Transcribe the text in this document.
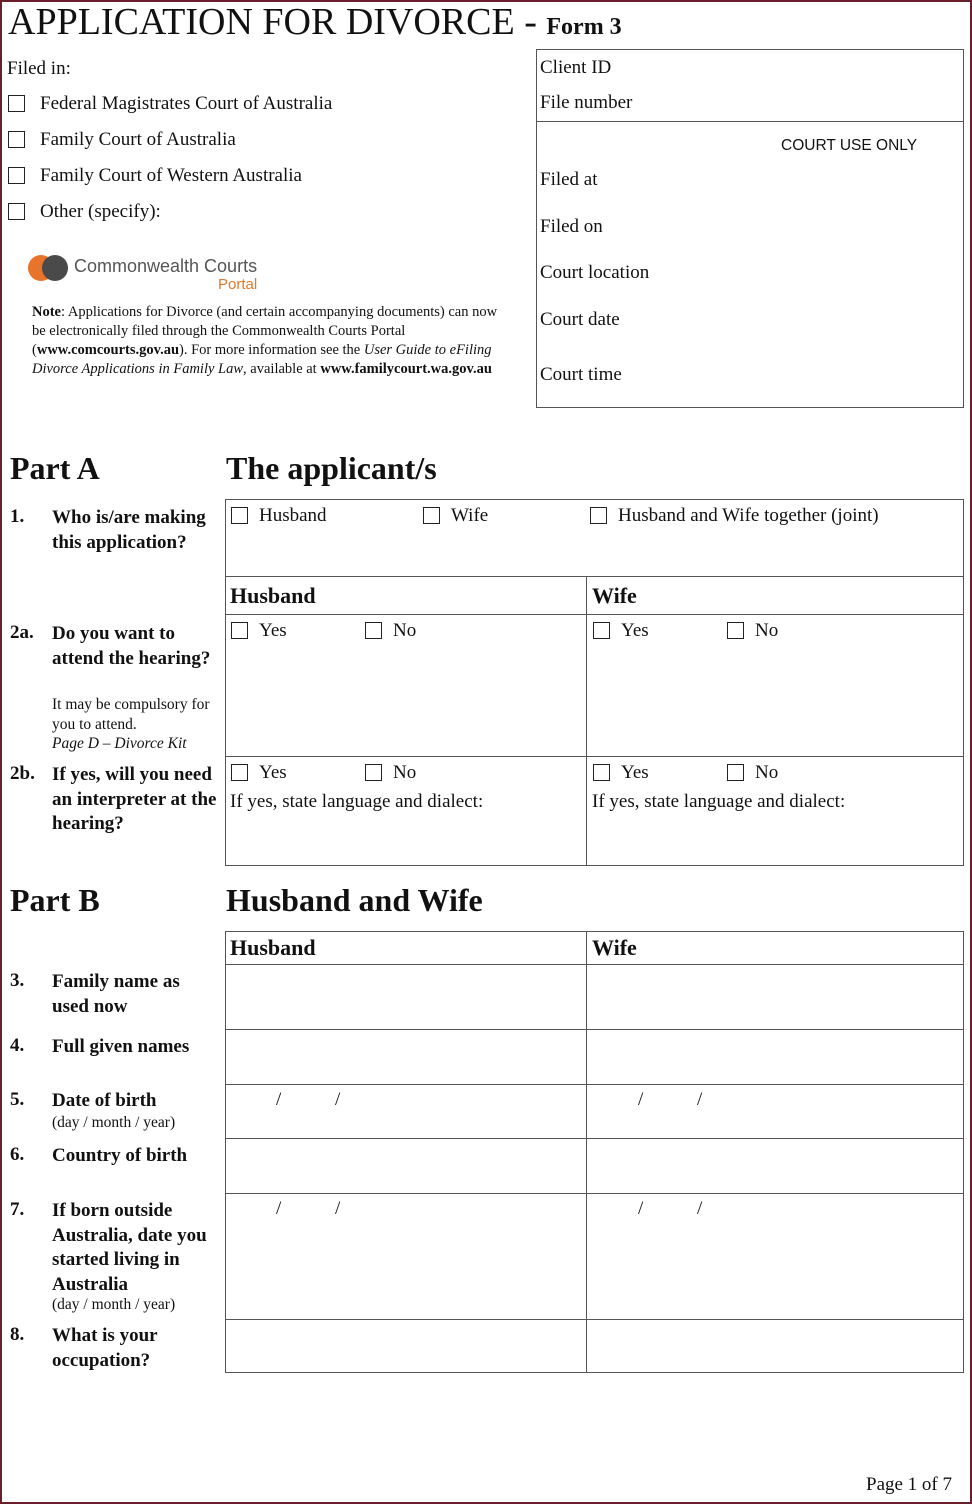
APPLICATION FOR DIVORCE - Form 3
Filed in:
Federal Magistrates Court of Australia
Family Court of Australia
Family Court of Western Australia
Other (specify):
Commonwealth Courts
Portal
Note: Applications for Divorce (and certain accompanying documents) can now be electronically filed through the Commonwealth Courts Portal (www.comcourts.gov.au). For more information see the User Guide to eFiling Divorce Applications in Family Law, available at www.familycourt.wa.gov.au
Client ID
File number
COURT USE ONLY
Filed at
Filed on
Court location
Court date
Court time
Part A	The applicant/s
1. Who is/are making this application?
Husband	Wife	Husband and Wife together (joint)
Husband	Wife
2a. Do you want to attend the hearing?
It may be compulsory for you to attend.
Page D – Divorce Kit
Yes	No	Yes	No
2b. If yes, will you need an interpreter at the hearing?
Yes	No
If yes, state language and dialect:
Yes	No
If yes, state language and dialect:
Part B	Husband and Wife
Husband	Wife
3. Family name as used now
4. Full given names
5. Date of birth
(day / month / year)
/	/	/	/
6. Country of birth
7. If born outside Australia, date you started living in Australia
(day / month / year)
/	/	/	/
8. What is your occupation?
Page 1 of 7
